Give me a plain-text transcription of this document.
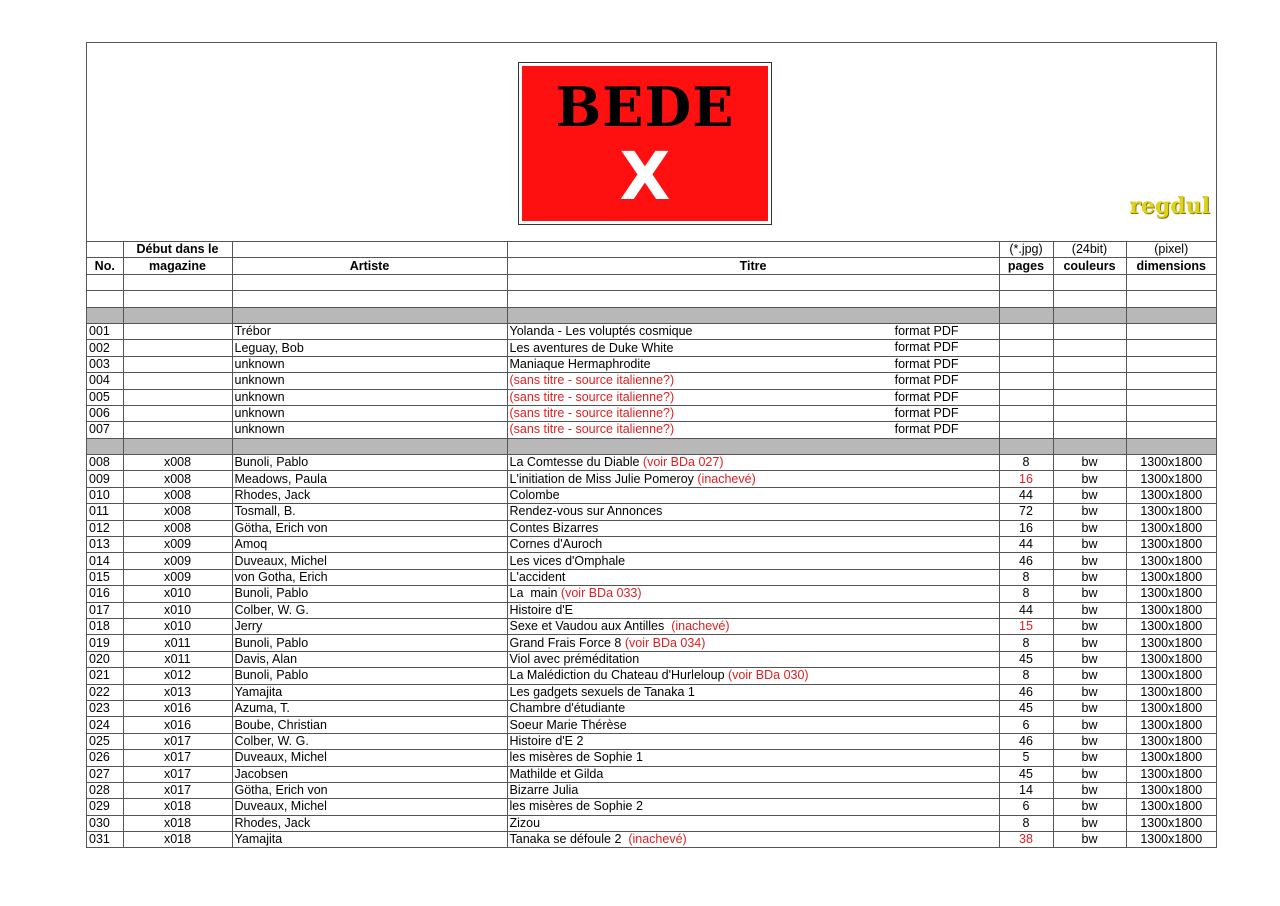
BEDE
X	regdul
	Début dans le			(*.jpg)	(24bit)	(pixel)
No.	magazine	Artiste	Titre	pages	couleurs	dimensions

001		Trébor	Yolanda - Les voluptés cosmique format PDF			

002		Leguay, Bob	Les aventures de Duke White format PDF			

003		unknown	Maniaque Hermaphrodite format PDF			

004		unknown	(sans titre - source italienne?) format PDF			

005		unknown	(sans titre - source italienne?) format PDF			

006		unknown	(sans titre - source italienne?) format PDF			

007		unknown	(sans titre - source italienne?) format PDF			

008	x008	Bunoli, Pablo	La Comtesse du Diable (voir BDa 027)	8	bw	1300x1800
009	x008	Meadows, Paula	L'initiation de Miss Julie Pomeroy (inachevé)	16	bw	1300x1800
010	x008	Rhodes, Jack	Colombe	44	bw	1300x1800
011	x008	Tosmall, B.	Rendez-vous sur Annonces	72	bw	1300x1800
012	x008	Götha, Erich von	Contes Bizarres	16	bw	1300x1800
013	x009	Amoq	Cornes d'Auroch	44	bw	1300x1800
014	x009	Duveaux, Michel	Les vices d'Omphale	46	bw	1300x1800
015	x009	von Gotha, Erich	L'accident	8	bw	1300x1800
016	x010	Bunoli, Pablo	La  main (voir BDa 033)	8	bw	1300x1800
017	x010	Colber, W. G.	Histoire d'E	44	bw	1300x1800
018	x010	Jerry	Sexe et Vaudou aux Antilles  (inachevé)	15	bw	1300x1800
019	x011	Bunoli, Pablo	Grand Frais Force 8 (voir BDa 034)	8	bw	1300x1800
020	x011	Davis, Alan	Viol avec préméditation	45	bw	1300x1800
021	x012	Bunoli, Pablo	La Malédiction du Chateau d'Hurleloup (voir BDa 030)	8	bw	1300x1800
022	x013	Yamajita	Les gadgets sexuels de Tanaka 1	46	bw	1300x1800
023	x016	Azuma, T.	Chambre d'étudiante	45	bw	1300x1800
024	x016	Boube, Christian	Soeur Marie Thérèse	6	bw	1300x1800
025	x017	Colber, W. G.	Histoire d'E 2	46	bw	1300x1800
026	x017	Duveaux, Michel	les misères de Sophie 1	5	bw	1300x1800
027	x017	Jacobsen	Mathilde et Gilda	45	bw	1300x1800
028	x017	Götha, Erich von	Bizarre Julia	14	bw	1300x1800
029	x018	Duveaux, Michel	les misères de Sophie 2	6	bw	1300x1800
030	x018	Rhodes, Jack	Zizou	8	bw	1300x1800
031	x018	Yamajita	Tanaka se défoule 2  (inachevé)	38	bw	1300x1800
